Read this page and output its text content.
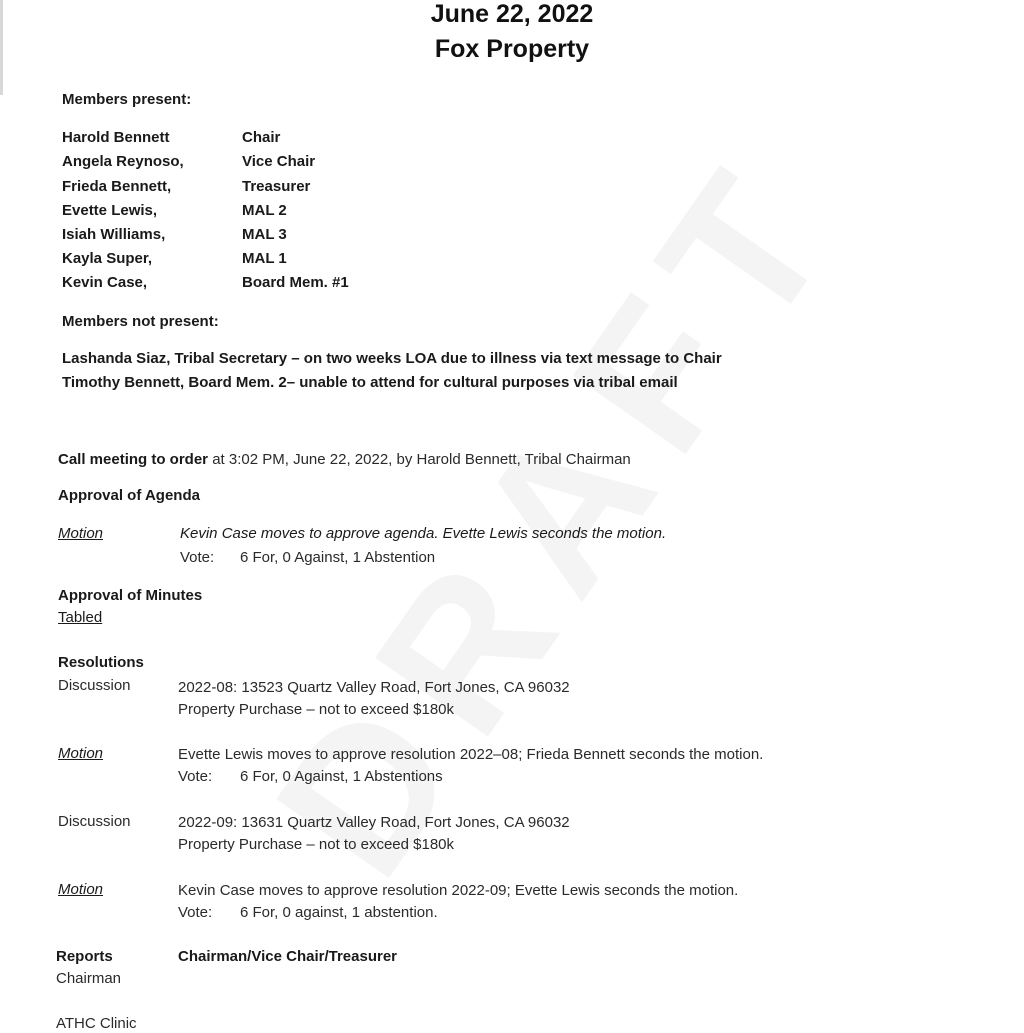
June 22, 2022
Fox Property
Members present:
Harold Bennett	Chair
Angela Reynoso,	Vice Chair
Frieda Bennett,	Treasurer
Evette Lewis,	MAL 2
Isiah Williams,	MAL 3
Kayla Super,	MAL 1
Kevin Case,	Board Mem. #1
Members not present:
Lashanda Siaz, Tribal Secretary – on two weeks LOA due to illness via text message to Chair
Timothy Bennett, Board Mem. 2– unable to attend for cultural purposes via tribal email
Call meeting to order at 3:02 PM, June 22, 2022, by Harold Bennett, Tribal Chairman
Approval of Agenda
Motion	Kevin Case moves to approve agenda. Evette Lewis seconds the motion.
Vote: 6 For, 0 Against, 1 Abstention
Approval of Minutes
Tabled
Resolutions
Discussion	2022-08: 13523 Quartz Valley Road, Fort Jones, CA 96032
Property Purchase – not to exceed $180k
Motion	Evette Lewis moves to approve resolution 2022–08; Frieda Bennett seconds the motion.
Vote: 6 For, 0 Against, 1 Abstentions
Discussion	2022-09: 13631 Quartz Valley Road, Fort Jones, CA 96032
Property Purchase – not to exceed $180k
Motion	Kevin Case moves to approve resolution 2022-09; Evette Lewis seconds the motion.
Vote: 6 For, 0 against, 1 abstention.
Reports	Chairman/Vice Chair/Treasurer
Chairman
ATHC Clinic
